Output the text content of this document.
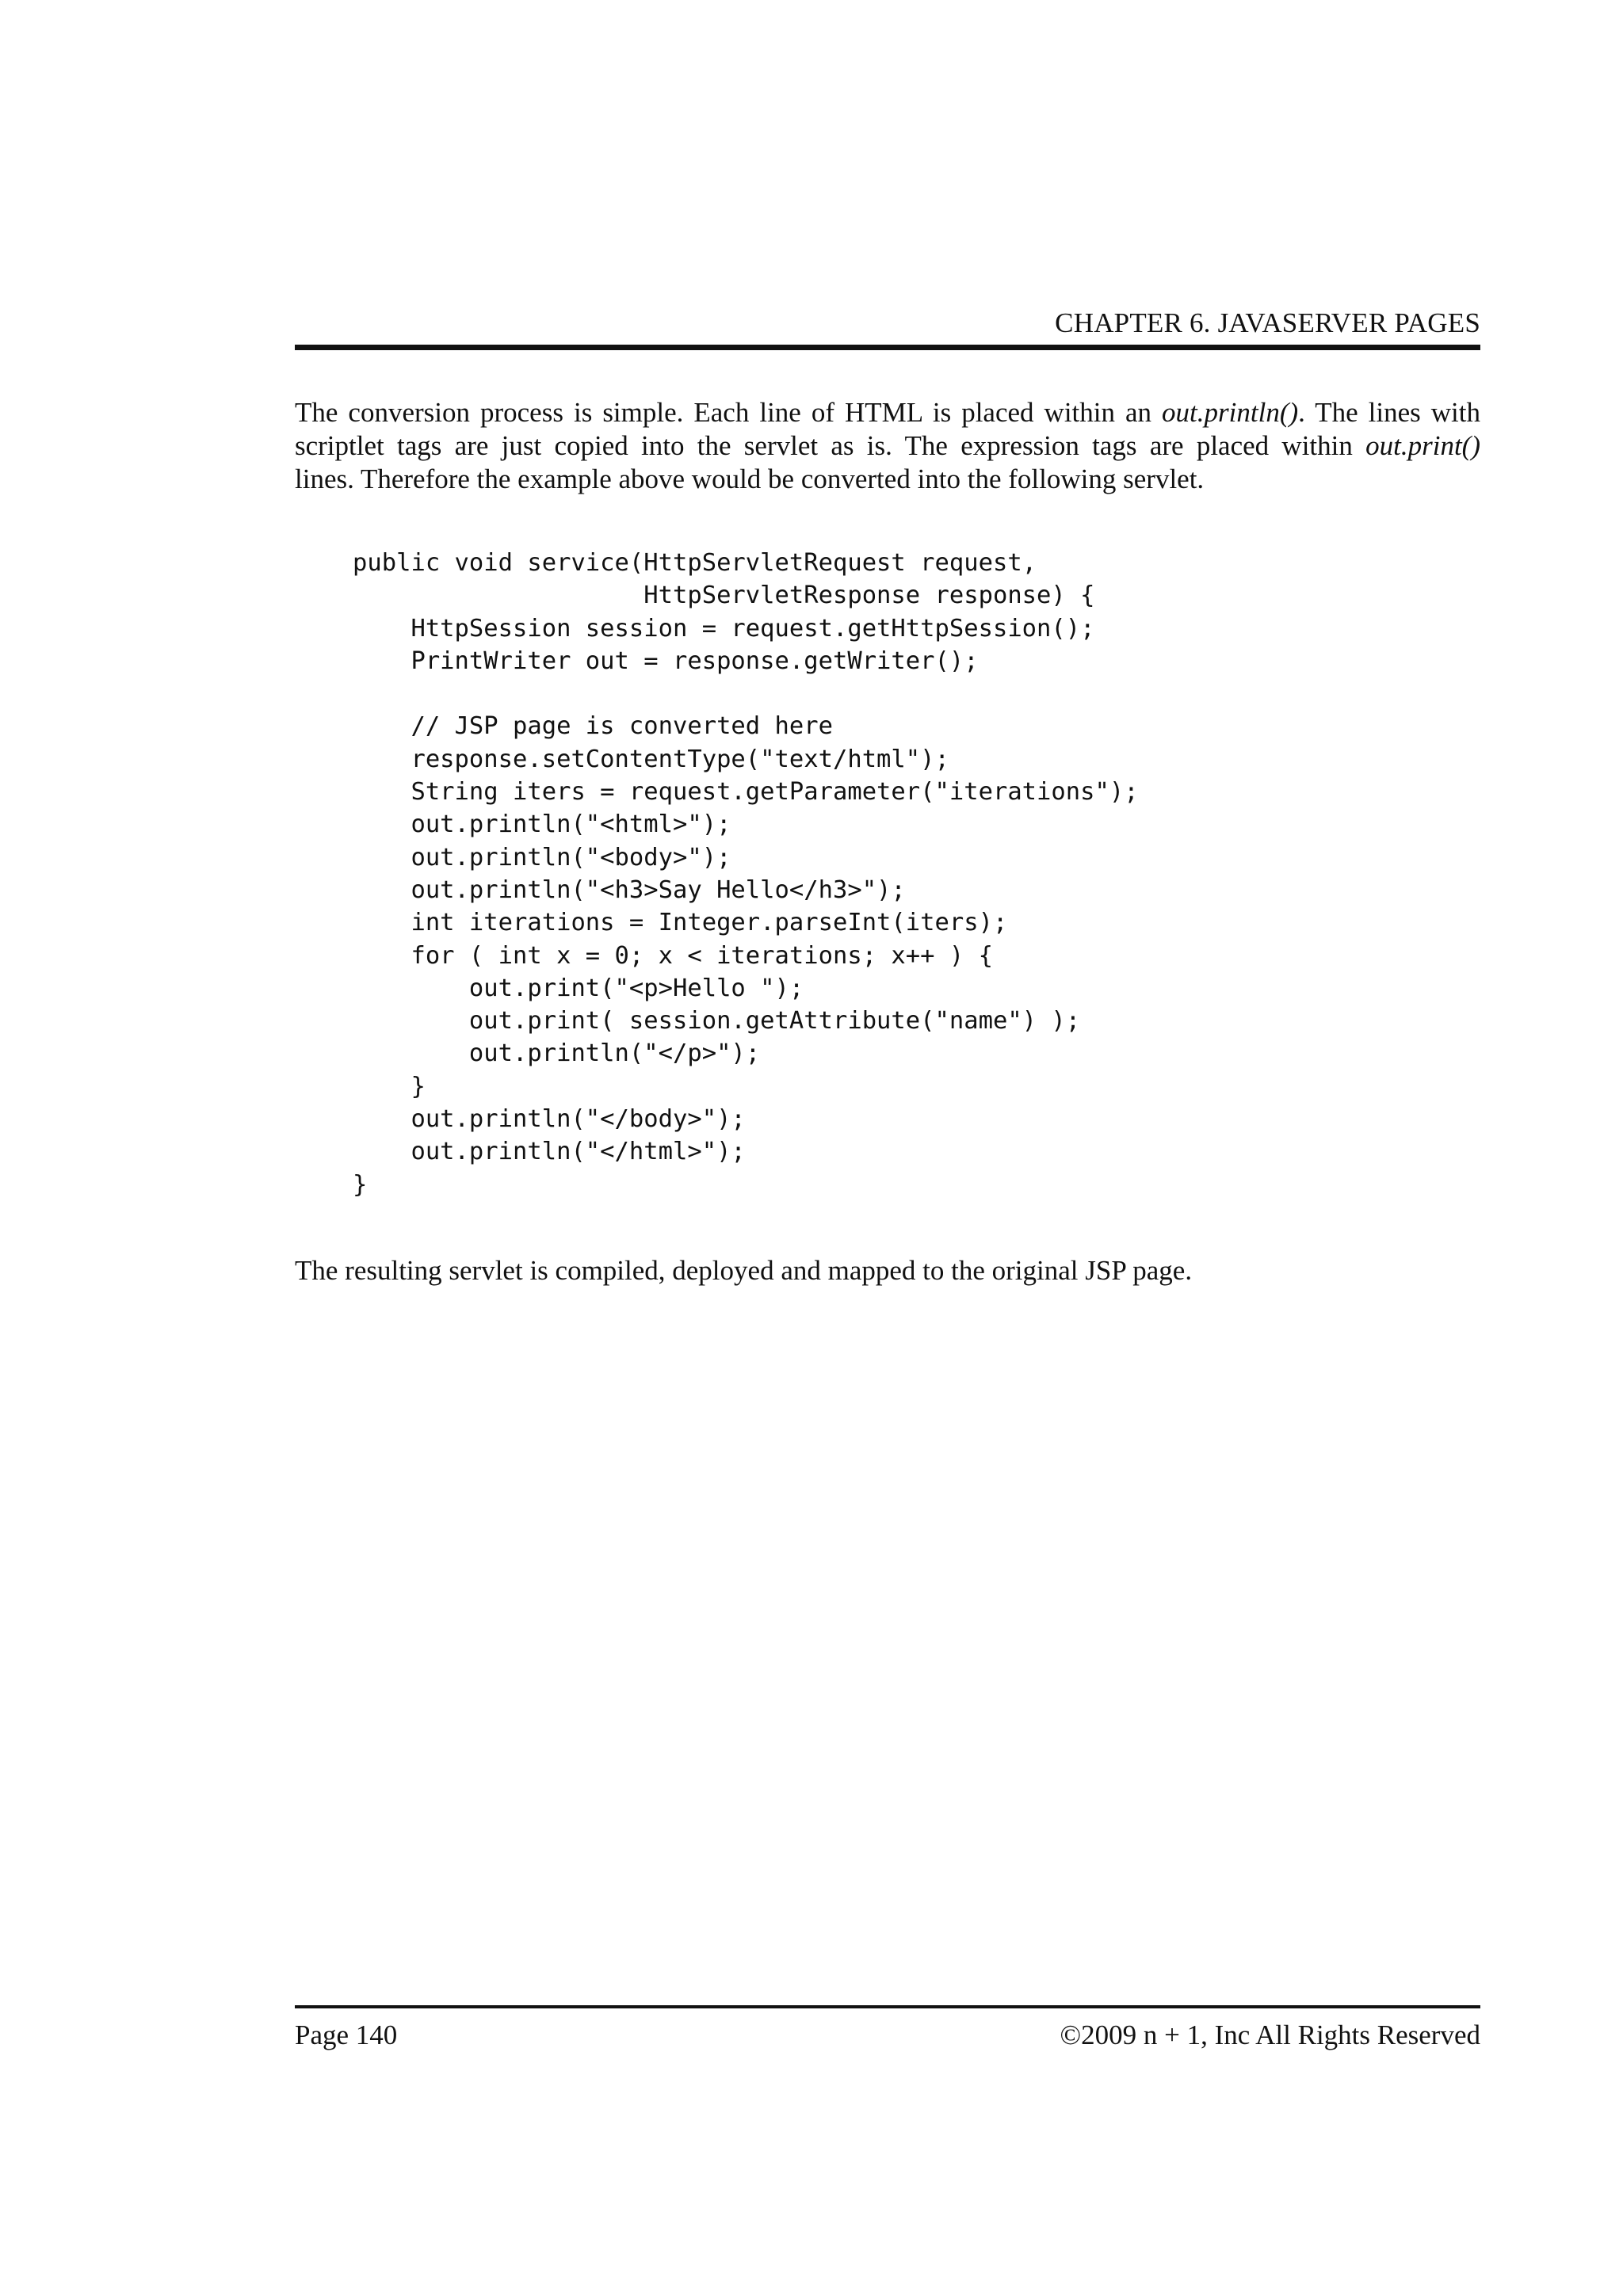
CHAPTER 6. JAVASERVER PAGES
The conversion process is simple. Each line of HTML is placed within an out.println(). The lines with
scriptlet tags are just copied into the servlet as is. The expression tags are placed within out.print()
lines. Therefore the example above would be converted into the following servlet.
public void service(HttpServletRequest request,
HttpServletResponse response) {
HttpSession session = request.getHttpSession();
PrintWriter out = response.getWriter();

// JSP page is converted here
response.setContentType("text/html");
String iters = request.getParameter("iterations");
out.println("<html>");
out.println("<body>");
out.println("<h3>Say Hello</h3>");
int iterations = Integer.parseInt(iters);
for ( int x = 0; x < iterations; x++ ) {
out.print("<p>Hello ");
out.print( session.getAttribute("name") );
out.println("</p>");
}
out.println("</body>");
out.println("</html>");
}

The resulting servlet is compiled, deployed and mapped to the original JSP page.

Page 140	©2009 n + 1, Inc All Rights Reserved
